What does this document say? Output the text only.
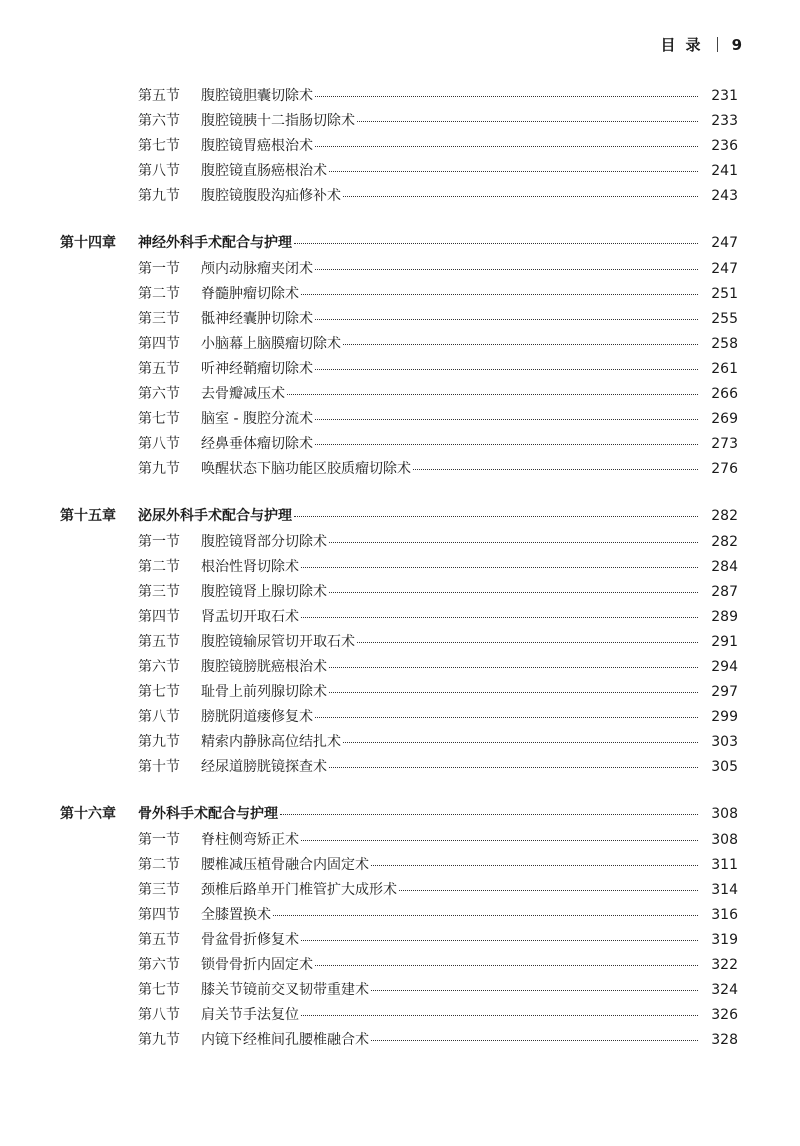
目录 9
第五节	腹腔镜胆囊切除术	231
第六节	腹腔镜胰十二指肠切除术	233
第七节	腹腔镜胃癌根治术	236
第八节	腹腔镜直肠癌根治术	241
第九节	腹腔镜腹股沟疝修补术	243
第十四章	神经外科手术配合与护理	247
第一节	颅内动脉瘤夹闭术	247
第二节	脊髓肿瘤切除术	251
第三节	骶神经囊肿切除术	255
第四节	小脑幕上脑膜瘤切除术	258
第五节	听神经鞘瘤切除术	261
第六节	去骨瓣减压术	266
第七节	脑室 - 腹腔分流术	269
第八节	经鼻垂体瘤切除术	273
第九节	唤醒状态下脑功能区胶质瘤切除术	276
第十五章	泌尿外科手术配合与护理	282
第一节	腹腔镜肾部分切除术	282
第二节	根治性肾切除术	284
第三节	腹腔镜肾上腺切除术	287
第四节	肾盂切开取石术	289
第五节	腹腔镜输尿管切开取石术	291
第六节	腹腔镜膀胱癌根治术	294
第七节	耻骨上前列腺切除术	297
第八节	膀胱阴道瘘修复术	299
第九节	精索内静脉高位结扎术	303
第十节	经尿道膀胱镜探查术	305
第十六章	骨外科手术配合与护理	308
第一节	脊柱侧弯矫正术	308
第二节	腰椎减压植骨融合内固定术	311
第三节	颈椎后路单开门椎管扩大成形术	314
第四节	全膝置换术	316
第五节	骨盆骨折修复术	319
第六节	锁骨骨折内固定术	322
第七节	膝关节镜前交叉韧带重建术	324
第八节	肩关节手法复位	326
第九节	内镜下经椎间孔腰椎融合术	328
